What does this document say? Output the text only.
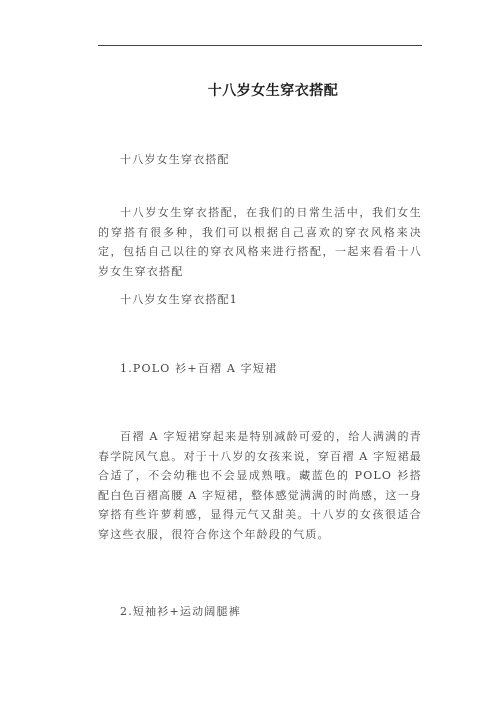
十八岁女生穿衣搭配
十八岁女生穿衣搭配
十八岁女生穿衣搭配，在我们的日常生活中，我们女生的穿搭有很多种，我们可以根据自己喜欢的穿衣风格来决定，包括自己以往的穿衣风格来进行搭配，一起来看看十八岁女生穿衣搭配
十八岁女生穿衣搭配1
1.POLO 衫+百褶 A 字短裙
百褶 A 字短裙穿起来是特别减龄可爱的，给人满满的青春学院风气息。对于十八岁的女孩来说，穿百褶 A 字短裙最合适了，不会幼稚也不会显成熟哦。藏蓝色的 POLO 衫搭配白色百褶高腰 A 字短裙，整体感觉满满的时尚感，这一身穿搭有些许萝莉感，显得元气又甜美。十八岁的女孩很适合穿这些衣服，很符合你这个年龄段的气质。
2.短袖衫+运动阔腿裤
